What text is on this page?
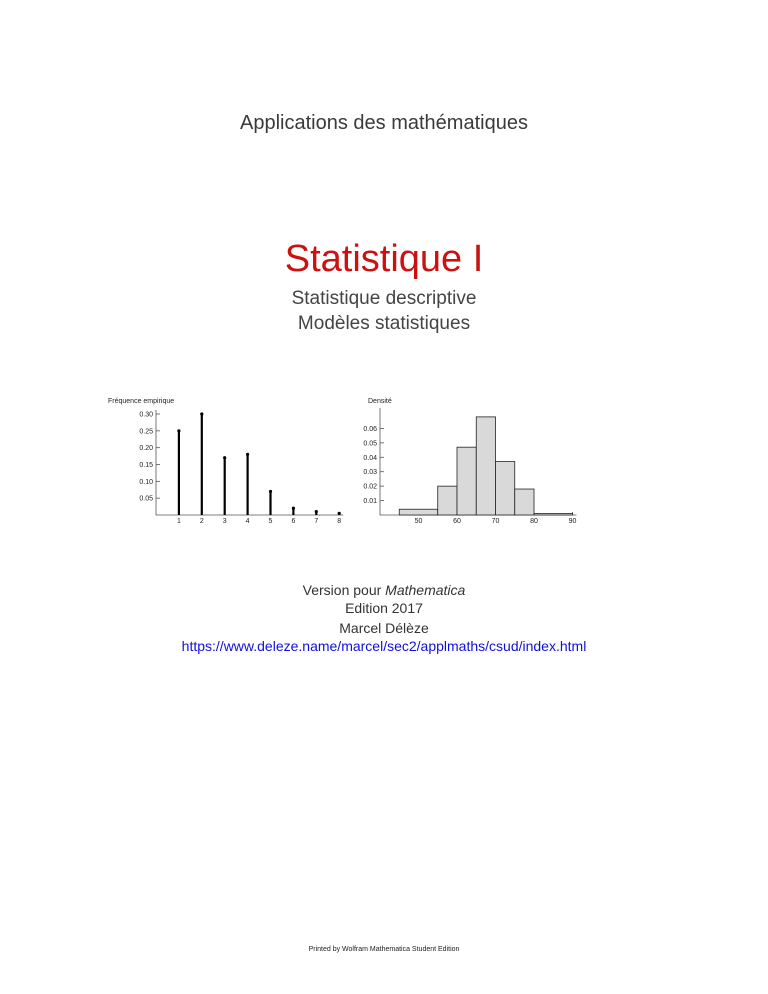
Applications des mathématiques
Statistique I
Statistique descriptive
Modèles statistiques
Fréquence empirique
0.05
0.10
0.15
0.20
0.25
0.30
1	2	3	4	5	6	7	8
Densité
0.01
0.02
0.03
0.04
0.05
0.06
50	60	70	80	90
Version pour Mathematica
Edition 2017
Marcel Délèze
https://www.deleze.name/marcel/sec2/applmaths/csud/index.html
Printed by Wolfram Mathematica Student Edition
